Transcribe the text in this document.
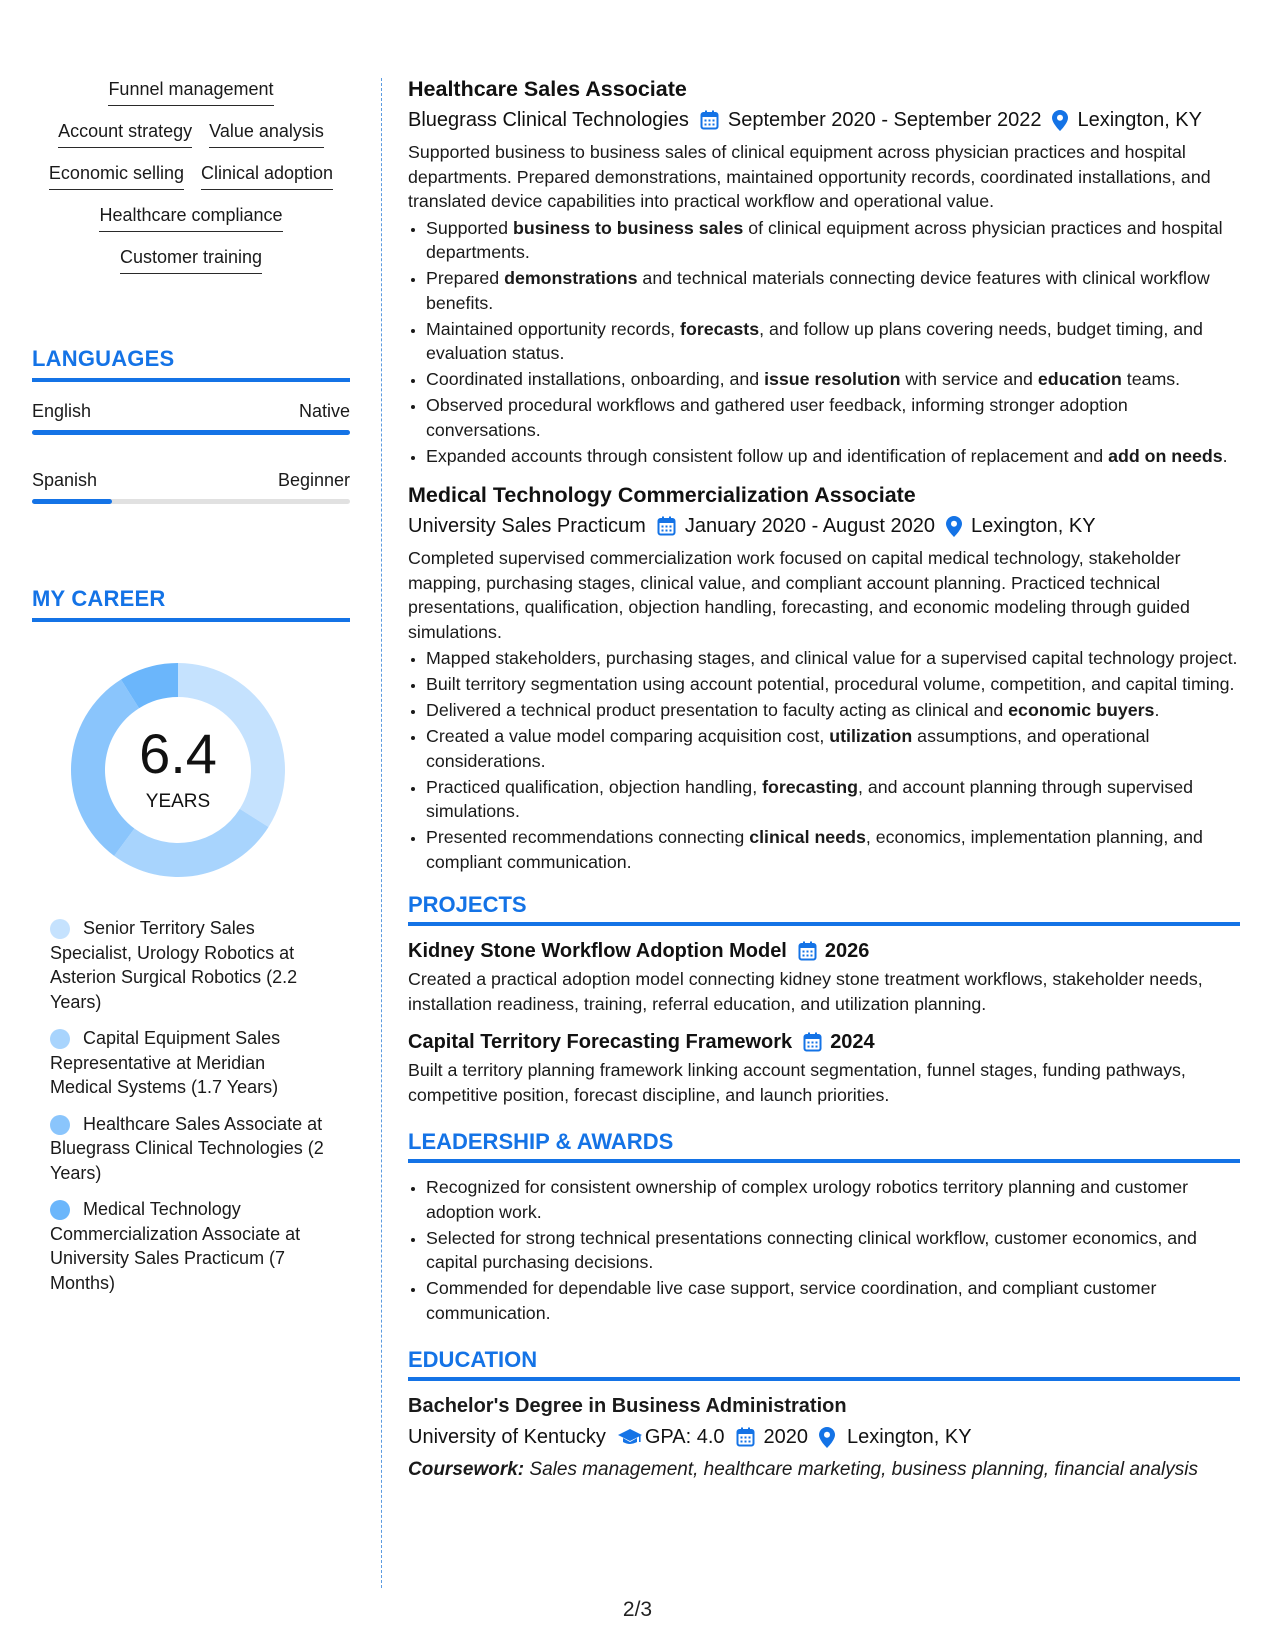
Funnel management
Account strategy Value analysis
Economic selling Clinical adoption
Healthcare compliance
Customer training
LANGUAGES
English	Native
Spanish	Beginner
MY CAREER
6.4
YEARS
Senior Territory Sales Specialist, Urology Robotics at Asterion Surgical Robotics (2.2 Years)
Capital Equipment Sales Representative at Meridian Medical Systems (1.7 Years)
Healthcare Sales Associate at Bluegrass Clinical Technologies (2 Years)
Medical Technology Commercialization Associate at University Sales Practicum (7 Months)
Healthcare Sales Associate
Bluegrass Clinical Technologies September 2020 - September 2022 Lexington, KY

Supported business to business sales of clinical equipment across physician practices and hospital departments. Prepared demonstrations, maintained opportunity records, coordinated installations, and translated device capabilities into practical workflow and operational value.

• Supported business to business sales of clinical equipment across physician practices and hospital departments.
• Prepared demonstrations and technical materials connecting device features with clinical workflow benefits.
• Maintained opportunity records, forecasts, and follow up plans covering needs, budget timing, and evaluation status.
• Coordinated installations, onboarding, and issue resolution with service and education teams.
• Observed procedural workflows and gathered user feedback, informing stronger adoption conversations.
• Expanded accounts through consistent follow up and identification of replacement and add on needs.
Medical Technology Commercialization Associate
University Sales Practicum January 2020 - August 2020 Lexington, KY

Completed supervised commercialization work focused on capital medical technology, stakeholder mapping, purchasing stages, clinical value, and compliant account planning. Practiced technical presentations, qualification, objection handling, forecasting, and economic modeling through guided simulations.

• Mapped stakeholders, purchasing stages, and clinical value for a supervised capital technology project.
• Built territory segmentation using account potential, procedural volume, competition, and capital timing.
• Delivered a technical product presentation to faculty acting as clinical and economic buyers.
• Created a value model comparing acquisition cost, utilization assumptions, and operational considerations.
• Practiced qualification, objection handling, forecasting, and account planning through supervised simulations.
• Presented recommendations connecting clinical needs, economics, implementation planning, and compliant communication.
PROJECTS
Kidney Stone Workflow Adoption Model 2026

Created a practical adoption model connecting kidney stone treatment workflows, stakeholder needs, installation readiness, training, referral education, and utilization planning.

Capital Territory Forecasting Framework 2024

Built a territory planning framework linking account segmentation, funnel stages, funding pathways, competitive position, forecast discipline, and launch priorities.

LEADERSHIP & AWARDS
• Recognized for consistent ownership of complex urology robotics territory planning and customer adoption work.
• Selected for strong technical presentations connecting clinical workflow, customer economics, and capital purchasing decisions.
• Commended for dependable live case support, service coordination, and compliant customer communication.
EDUCATION
Bachelor's Degree in Business Administration
University of Kentucky GPA: 4.0 2020 Lexington, KY
Coursework: Sales management, healthcare marketing, business planning, financial analysis
2/3
